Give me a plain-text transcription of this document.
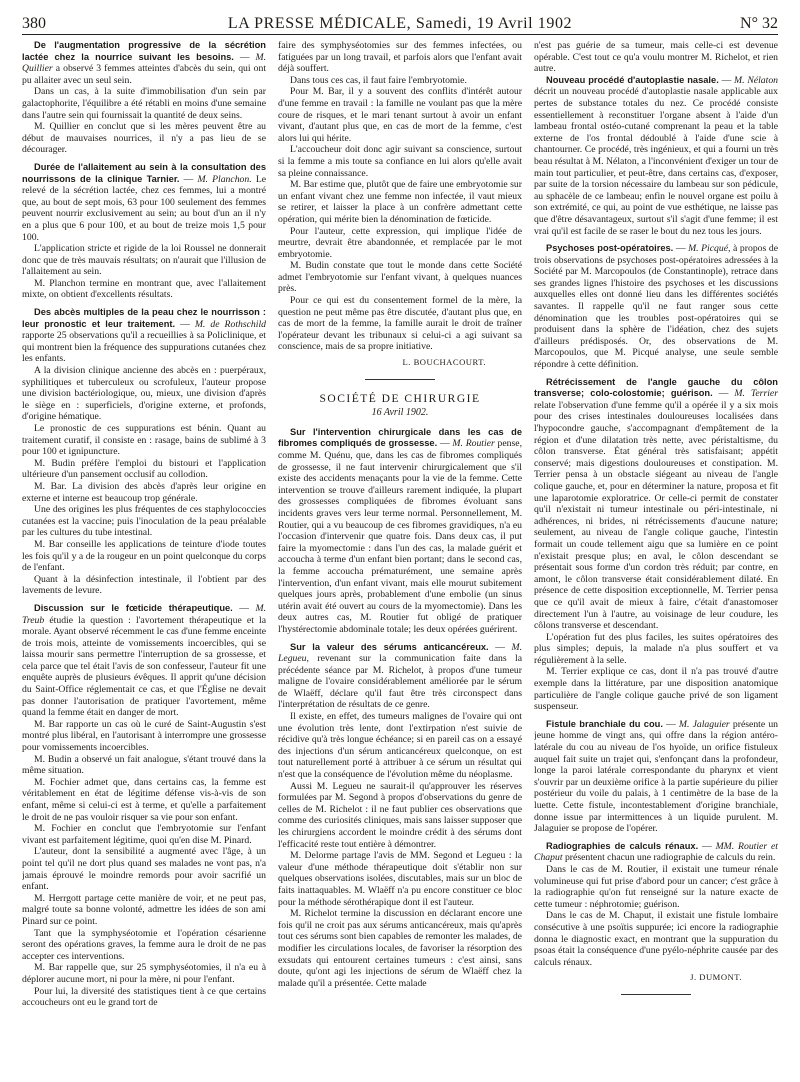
380	LA PRESSE MÉDICALE, Samedi, 19 Avril 1902	N° 32

De l'augmentation progressive de la sécrétion lactée chez la nourrice suivant les besoins. — M. Quillier a observé 3 femmes atteintes d'abcès du sein, qui ont pu allaiter avec un seul sein.

Dans un cas, à la suite d'immobilisation d'un sein par galactophorite, l'équilibre a été rétabli en moins d'une semaine dans l'autre sein qui fournissait la quantité de deux seins.

M. Quillier en conclut que si les mères peuvent être au début de mauvaises nourrices, il n'y a pas lieu de se décourager.

Durée de l'allaitement au sein à la consultation des nourrissons de la clinique Tarnier. — M. Planchon. Le relevé de la sécrétion lactée, chez ces femmes, lui a montré que, au bout de sept mois, 63 pour 100 seulement des femmes peuvent nourrir exclusivement au sein; au bout d'un an il n'y en a plus que 6 pour 100, et au bout de treize mois 1,5 pour 100.

L'application stricte et rigide de la loi Roussel ne donnerait donc que de très mauvais résultats; on n'aurait que l'illusion de l'allaitement au sein.

M. Planchon termine en montrant que, avec l'allaitement mixte, on obtient d'excellents résultats.

Des abcès multiples de la peau chez le nourrisson : leur pronostic et leur traitement. — M. de Rothschild rapporte 25 observations qu'il a recueillies à sa Policlinique, et qui montrent bien la fréquence des suppurations cutanées chez les enfants.

A la division clinique ancienne des abcès en : puerpéraux, syphilitiques et tuberculeux ou scrofuleux, l'auteur propose une division bactériologique, ou, mieux, une division d'après le siège en : superficiels, d'origine externe, et profonds, d'origine hématique.

Le pronostic de ces suppurations est bénin. Quant au traitement curatif, il consiste en : rasage, bains de sublimé à 3 pour 100 et ignipuncture.

M. Budin préfère l'emploi du bistouri et l'application ultérieure d'un pansement occlusif au collodion.

M. Bar. La division des abcès d'après leur origine en externe et interne est beaucoup trop générale.

Une des origines les plus fréquentes de ces staphylococcies cutanées est la vaccine; puis l'inoculation de la peau préalable par les cultures du tube intestinal.

M. Bar conseille les applications de teinture d'iode toutes les fois qu'il y a de la rougeur en un point quelconque du corps de l'enfant.

Quant à la désinfection intestinale, il l'obtient par des lavements de levure.

Discussion sur le fœticide thérapeutique. — M. Treub étudie la question : l'avortement thérapeutique et la morale. Ayant observé récemment le cas d'une femme enceinte de trois mois, atteinte de vomissements incoercibles, qui se laissa mourir sans permettre l'interruption de sa grossesse, et cela parce que tel était l'avis de son confesseur, l'auteur fit une enquête auprès de plusieurs évêques. Il apprit qu'une décision du Saint-Office réglementait ce cas, et que l'Église ne devait pas donner l'autorisation de pratiquer l'avortement, même quand la femme était en danger de mort.

M. Bar rapporte un cas où le curé de Saint-Augustin s'est montré plus libéral, en l'autorisant à interrompre une grossesse pour vomissements incoercibles.

M. Budin a observé un fait analogue, s'étant trouvé dans la même situation.

M. Fochier admet que, dans certains cas, la femme est véritablement en état de légitime défense vis-à-vis de son enfant, même si celui-ci est à terme, et qu'elle a parfaitement le droit de ne pas vouloir risquer sa vie pour son enfant.

M. Fochier en conclut que l'embryotomie sur l'enfant vivant est parfaitement légitime, quoi qu'en dise M. Pinard.

L'auteur, dont la sensibilité a augmenté avec l'âge, à un point tel qu'il ne dort plus quand ses malades ne vont pas, n'a jamais éprouvé le moindre remords pour avoir sacrifié un enfant.

M. Herrgott partage cette manière de voir, et ne peut pas, malgré toute sa bonne volonté, admettre les idées de son ami Pinard sur ce point.

Tant que la symphyséotomie et l'opération césarienne seront des opérations graves, la femme aura le droit de ne pas accepter ces interventions.

M. Bar rappelle que, sur 25 symphyséotomies, il n'a eu à déplorer aucune mort, ni pour la mère, ni pour l'enfant.

Pour lui, la diversité des statistiques tient à ce que certains accoucheurs ont eu le grand tort de

faire des symphyséotomies sur des femmes infectées, ou fatiguées par un long travail, et parfois alors que l'enfant avait déjà souffert.

Dans tous ces cas, il faut faire l'embryotomie.

Pour M. Bar, il y a souvent des conflits d'intérêt autour d'une femme en travail : la famille ne voulant pas que la mère coure de risques, et le mari tenant surtout à avoir un enfant vivant, d'autant plus que, en cas de mort de la femme, c'est alors lui qui hérite.

L'accoucheur doit donc agir suivant sa conscience, surtout si la femme a mis toute sa confiance en lui alors qu'elle avait sa pleine connaissance.

M. Bar estime que, plutôt que de faire une embryotomie sur un enfant vivant chez une femme non infectée, il vaut mieux se retirer, et laisser la place à un confrère admettant cette opération, qui mérite bien la dénomination de fœticide.

Pour l'auteur, cette expression, qui implique l'idée de meurtre, devrait être abandonnée, et remplacée par le mot embryotomie.

M. Budin constate que tout le monde dans cette Société admet l'embryotomie sur l'enfant vivant, à quelques nuances près.

Pour ce qui est du consentement formel de la mère, la question ne peut même pas être discutée, d'autant plus que, en cas de mort de la femme, la famille aurait le droit de traîner l'opérateur devant les tribunaux si celui-ci a agi suivant sa conscience, mais de sa propre initiative.

L. BOUCHACOURT.
SOCIÉTÉ DE CHIRURGIE
16 Avril 1902.

Sur l'intervention chirurgicale dans les cas de fibromes compliqués de grossesse. — M. Routier pense, comme M. Quénu, que, dans les cas de fibromes compliqués de grossesse, il ne faut intervenir chirurgicalement que s'il existe des accidents menaçants pour la vie de la femme. Cette intervention se trouve d'ailleurs rarement indiquée, la plupart des grossesses compliquées de fibromes évoluant sans incidents graves vers leur terme normal. Personnellement, M. Routier, qui a vu beaucoup de ces fibromes gravidiques, n'a eu l'occasion d'intervenir que quatre fois. Dans deux cas, il put faire la myomectomie : dans l'un des cas, la malade guérit et accoucha à terme d'un enfant bien portant; dans le second cas, la femme accoucha prématurément, une semaine après l'intervention, d'un enfant vivant, mais elle mourut subitement quelques jours après, probablement d'une embolie (un sinus utérin avait été ouvert au cours de la myomectomie). Dans les deux autres cas, M. Routier fut obligé de pratiquer l'hystérectomie abdominale totale; les deux opérées guérirent.

Sur la valeur des sérums anticancéreux. — M. Legueu, revenant sur la communication faite dans la précédente séance par M. Richelot, à propos d'une tumeur maligne de l'ovaire considérablement améliorée par le sérum de Wlaëff, déclare qu'il faut être très circonspect dans l'interprétation de résultats de ce genre.

Il existe, en effet, des tumeurs malignes de l'ovaire qui ont une évolution très lente, dont l'extirpation n'est suivie de récidive qu'à très longue échéance; si en pareil cas on a essayé des injections d'un sérum anticancéreux quelconque, on est tout naturellement porté à attribuer à ce sérum un résultat qui n'est que la conséquence de l'évolution même du néoplasme.

Aussi M. Legueu ne saurait-il qu'approuver les réserves formulées par M. Segond à propos d'observations du genre de celles de M. Richelot : il ne faut publier ces observations que comme des curiosités cliniques, mais sans laisser supposer que les chirurgiens accordent le moindre crédit à des sérums dont l'efficacité reste tout entière à démontrer.

M. Delorme partage l'avis de MM. Segond et Legueu : la valeur d'une méthode thérapeutique doit s'établir non sur quelques observations isolées, discutables, mais sur un bloc de faits inattaquables. M. Wlaëff n'a pu encore constituer ce bloc pour la méthode sérothérapique dont il est l'auteur.

M. Richelot termine la discussion en déclarant encore une fois qu'il ne croit pas aux sérums anticancéreux, mais qu'après tout ces sérums sont bien capables de remonter les malades, de modifier les circulations locales, de favoriser la résorption des exsudats qui entourent certaines tumeurs : c'est ainsi, sans doute, qu'ont agi les injections de sérum de Wlaëff chez la malade qu'il a présentée. Cette malade

n'est pas guérie de sa tumeur, mais celle-ci est devenue opérable. C'est tout ce qu'a voulu montrer M. Richelot, et rien autre.

Nouveau procédé d'autoplastie nasale. — M. Nélaton décrit un nouveau procédé d'autoplastie nasale applicable aux pertes de substance totales du nez. Ce procédé consiste essentiellement à reconstituer l'organe absent à l'aide d'un lambeau frontal ostéo-cutané comprenant la peau et la table externe de l'os frontal dédoublé à l'aide d'une scie à chantourner. Ce procédé, très ingénieux, et qui a fourni un très beau résultat à M. Nélaton, a l'inconvénient d'exiger un tour de main tout particulier, et peut-être, dans certains cas, d'exposer, par suite de la torsion nécessaire du lambeau sur son pédicule, au sphacèle de ce lambeau; enfin le nouvel organe est poilu à son extrémité, ce qui, au point de vue esthétique, ne laisse pas que d'être désavantageux, surtout s'il s'agit d'une femme; il est vrai qu'il est facile de se raser le bout du nez tous les jours.

Psychoses post-opératoires. — M. Picqué, à propos de trois observations de psychoses post-opératoires adressées à la Société par M. Marcopoulos (de Constantinople), retrace dans ses grandes lignes l'histoire des psychoses et les discussions auxquelles elles ont donné lieu dans les différentes sociétés savantes. Il rappelle qu'il ne faut ranger sous cette dénomination que les troubles post-opératoires qui se produisent dans la sphère de l'idéation, chez des sujets d'ailleurs prédisposés. Or, des observations de M. Marcopoulos, que M. Picqué analyse, une seule semble répondre à cette définition.

Rétrécissement de l'angle gauche du côlon transverse; colo-colostomie; guérison. — M. Terrier relate l'observation d'une femme qu'il a opérée il y a six mois pour des crises intestinales douloureuses localisées dans l'hypocondre gauche, s'accompagnant d'empâtement de la région et d'une dilatation très nette, avec péristaltisme, du côlon transverse. État général très satisfaisant; appétit conservé; mais digestions douloureuses et constipation. M. Terrier pensa à un obstacle siégeant au niveau de l'angle colique gauche, et, pour en déterminer la nature, proposa et fit une laparotomie exploratrice. Or celle-ci permit de constater qu'il n'existait ni tumeur intestinale ou péri-intestinale, ni adhérences, ni brides, ni rétrécissements d'aucune nature; seulement, au niveau de l'angle colique gauche, l'intestin formait un coude tellement aigu que sa lumière en ce point n'existait presque plus; en aval, le côlon descendant se présentait sous forme d'un cordon très réduit; par contre, en amont, le côlon transverse était considérablement dilaté. En présence de cette disposition exceptionnelle, M. Terrier pensa que ce qu'il avait de mieux à faire, c'était d'anastomoser directement l'un à l'autre, au voisinage de leur coudure, les côlons transverse et descendant.

L'opération fut des plus faciles, les suites opératoires des plus simples; depuis, la malade n'a plus souffert et va régulièrement à la selle.

M. Terrier explique ce cas, dont il n'a pas trouvé d'autre exemple dans la littérature, par une disposition anatomique particulière de l'angle colique gauche privé de son ligament suspenseur.

Fistule branchiale du cou. — M. Jalaguier présente un jeune homme de vingt ans, qui offre dans la région antéro-latérale du cou au niveau de l'os hyoïde, un orifice fistuleux auquel fait suite un trajet qui, s'enfonçant dans la profondeur, longe la paroi latérale correspondante du pharynx et vient s'ouvrir par un deuxième orifice à la partie supérieure du pilier postérieur du voile du palais, à 1 centimètre de la base de la luette. Cette fistule, incontestablement d'origine branchiale, donne issue par intermittences à un liquide purulent. M. Jalaguier se propose de l'opérer.

Radiographies de calculs rénaux. — MM. Routier et Chaput présentent chacun une radiographie de calculs du rein.

Dans le cas de M. Routier, il existait une tumeur rénale volumineuse qui fut prise d'abord pour un cancer; c'est grâce à la radiographie qu'on fut renseigné sur la nature exacte de cette tumeur : néphrotomie; guérison.

Dans le cas de M. Chaput, il existait une fistule lombaire consécutive à une psoïtis suppurée; ici encore la radiographie donna le diagnostic exact, en montrant que la suppuration du psoas était la conséquence d'une pyélo-néphrite causée par des calculs rénaux.

J. DUMONT.
